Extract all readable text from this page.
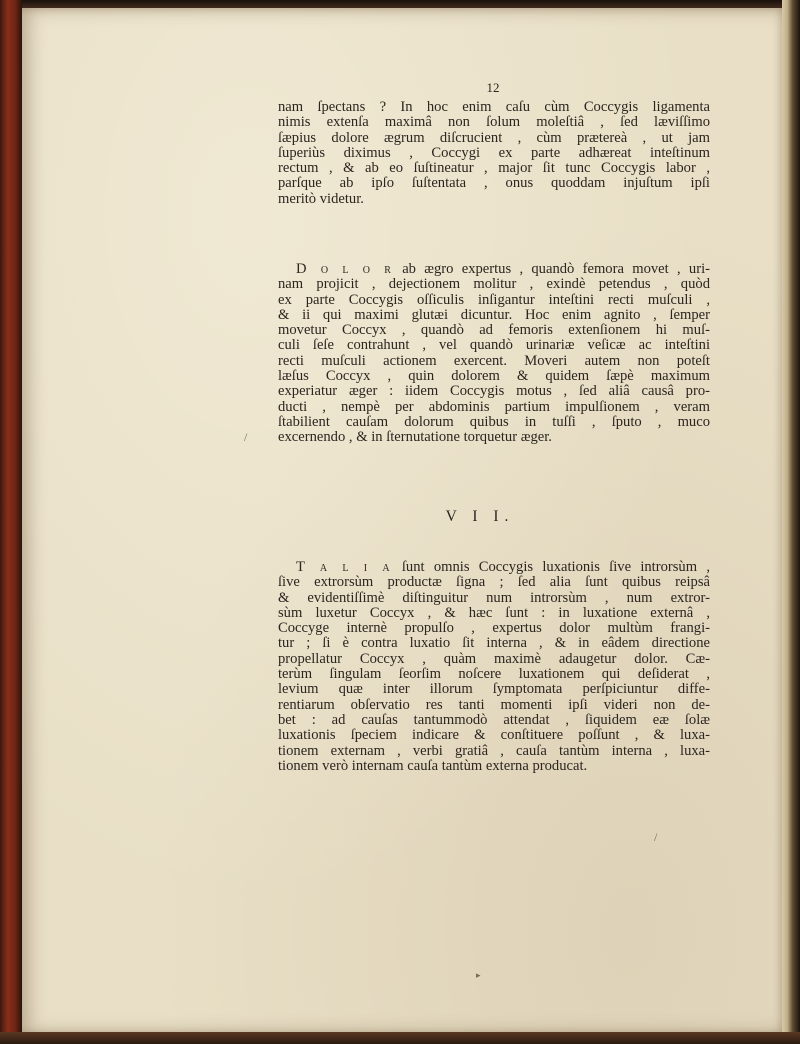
12
nam ſpectans ? In hoc enim caſu cùm Coccygis ligamenta
nimis extenſa maximâ non ſolum moleſtiâ , ſed læviſſimo
ſæpius dolore ægrum diſcrucient , cùm prætereà , ut jam
ſuperiùs diximus , Coccygi ex parte adhæreat inteſtinum
rectum , & ab eo ſuſtineatur , major ſit tunc Coccygis labor ,
parſque ab ipſo ſuſtentata , onus quoddam injuſtum ipſi
meritò videtur.
D o l o r ab ægro expertus , quandò femora movet , uri-
nam projicit , dejectionem molitur , exindè petendus , quòd
ex parte Coccygis oſſiculis inſigantur inteſtini recti muſculi ,
& ii qui maximi glutæi dicuntur. Hoc enim agnito , ſemper
movetur Coccyx , quandò ad femoris extenſionem hi muſ-
culi ſeſe contrahunt , vel quandò urinariæ veſicæ ac inteſtini
recti muſculi actionem exercent. Moveri autem non poteſt
læſus Coccyx , quin dolorem & quidem ſæpè maximum
experiatur æger : iidem Coccygis motus , ſed aliâ causâ pro-
ducti , nempè per abdominis partium impulſionem , veram
ſtabilient cauſam dolorum quibus in tuſſi , ſputo , muco
excernendo , & in ſternutatione torquetur æger.
V I I.
T a l i a ſunt omnis Coccygis luxationis ſive introrsùm ,
ſive extrorsùm productæ ſigna ; ſed alia ſunt quibus reipsâ
& evidentiſſimè diſtinguitur num introrsùm , num extror-
sùm luxetur Coccyx , & hæc ſunt : in luxatione externâ ,
Coccyge internè propulſo , expertus dolor multùm frangi-
tur ; ſi è contra luxatio ſit interna , & in eâdem directione
propellatur Coccyx , quàm maximè adaugetur dolor. Cæ-
terùm ſingulam ſeorſim noſcere luxationem qui deſiderat ,
levium quæ inter illorum ſymptomata perſpiciuntur diffe-
rentiarum obſervatio res tanti momenti ipſi videri non de-
bet : ad cauſas tantummodò attendat , ſiquidem eæ ſolæ
luxationis ſpeciem indicare & conſtituere poſſunt , & luxa-
tionem externam , verbi gratiâ , cauſa tantùm interna , luxa-
tionem verò internam cauſa tantùm externa producat.
/
/
▸
